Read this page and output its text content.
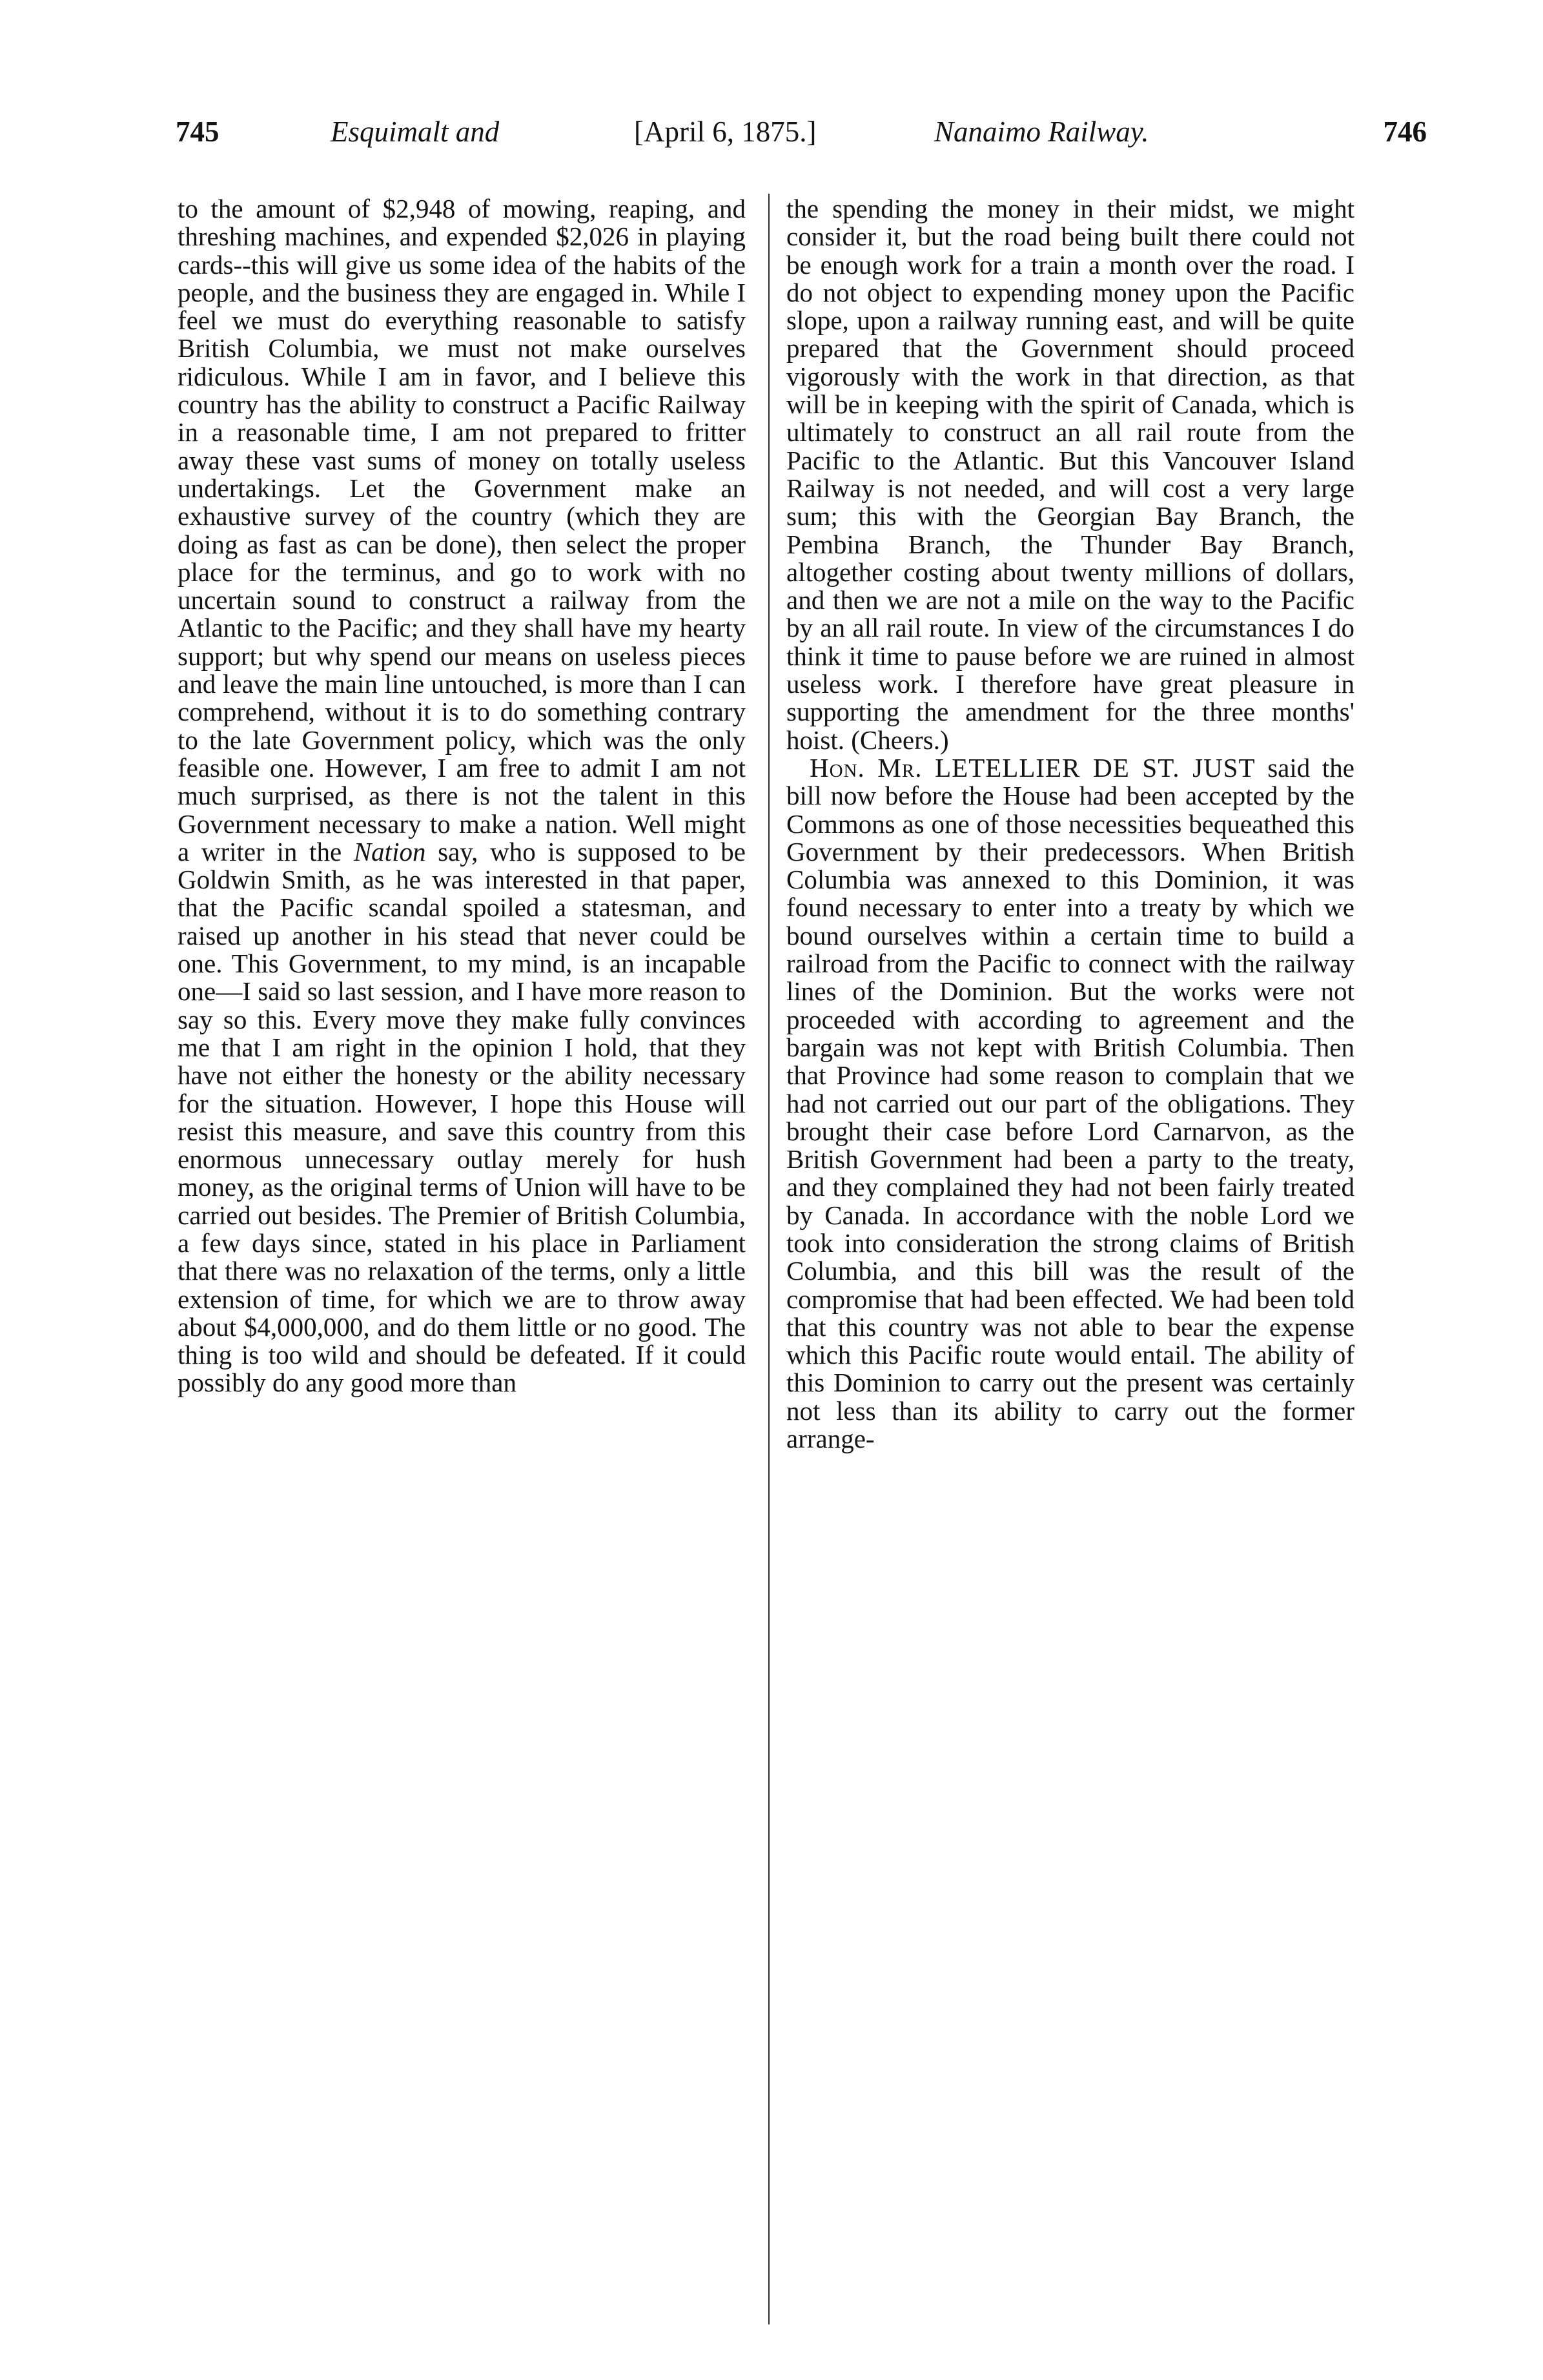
745	Esquimalt and	[April 6, 1875.]	Nanaimo Railway.	746

to the amount of $2,948 of mowing, reaping, and threshing machines, and expended $2,026 in playing cards--this will give us some idea of the habits of the people, and the business they are engaged in. While I feel we must do everything reasonable to satisfy British Columbia, we must not make ourselves ridiculous. While I am in favor, and I believe this country has the ability to construct a Pacific Railway in a reasonable time, I am not prepared to fritter away these vast sums of money on totally useless undertakings. Let the Government make an exhaustive survey of the country (which they are doing as fast as can be done), then select the proper place for the terminus, and go to work with no uncertain sound to construct a railway from the Atlantic to the Pacific; and they shall have my hearty support; but why spend our means on useless pieces and leave the main line untouched, is more than I can comprehend, without it is to do something contrary to the late Government policy, which was the only feasible one. However, I am free to admit I am not much surprised, as there is not the talent in this Government necessary to make a nation. Well might a writer in the Nation say, who is supposed to be Goldwin Smith, as he was interested in that paper, that the Pacific scandal spoiled a statesman, and raised up another in his stead that never could be one. This Government, to my mind, is an incapable one—I said so last session, and I have more reason to say so this. Every move they make fully convinces me that I am right in the opinion I hold, that they have not either the honesty or the ability necessary for the situation. However, I hope this House will resist this measure, and save this country from this enormous unnecessary outlay merely for hush money, as the original terms of Union will have to be carried out besides. The Premier of British Columbia, a few days since, stated in his place in Parliament that there was no relaxation of the terms, only a little extension of time, for which we are to throw away about $4,000,000, and do them little or no good. The thing is too wild and should be defeated. If it could possibly do any good more than

the spending the money in their midst, we might consider it, but the road being built there could not be enough work for a train a month over the road. I do not object to expending money upon the Pacific slope, upon a railway running east, and will be quite prepared that the Government should proceed vigorously with the work in that direction, as that will be in keeping with the spirit of Canada, which is ultimately to construct an all rail route from the Pacific to the Atlantic. But this Vancouver Island Railway is not needed, and will cost a very large sum; this with the Georgian Bay Branch, the Pembina Branch, the Thunder Bay Branch, altogether costing about twenty millions of dollars, and then we are not a mile on the way to the Pacific by an all rail route. In view of the circumstances I do think it time to pause before we are ruined in almost useless work. I therefore have great pleasure in supporting the amendment for the three months' hoist. (Cheers.)

Hon. Mr. LETELLIER DE ST. JUST said the bill now before the House had been accepted by the Commons as one of those necessities bequeathed this Government by their predecessors. When British Columbia was annexed to this Dominion, it was found necessary to enter into a treaty by which we bound ourselves within a certain time to build a railroad from the Pacific to connect with the railway lines of the Dominion. But the works were not proceeded with according to agreement and the bargain was not kept with British Columbia. Then that Province had some reason to complain that we had not carried out our part of the obligations. They brought their case before Lord Carnarvon, as the British Government had been a party to the treaty, and they complained they had not been fairly treated by Canada. In accordance with the noble Lord we took into consideration the strong claims of British Columbia, and this bill was the result of the compromise that had been effected. We had been told that this country was not able to bear the expense which this Pacific route would entail. The ability of this Dominion to carry out the present was certainly not less than its ability to carry out the former arrange-
